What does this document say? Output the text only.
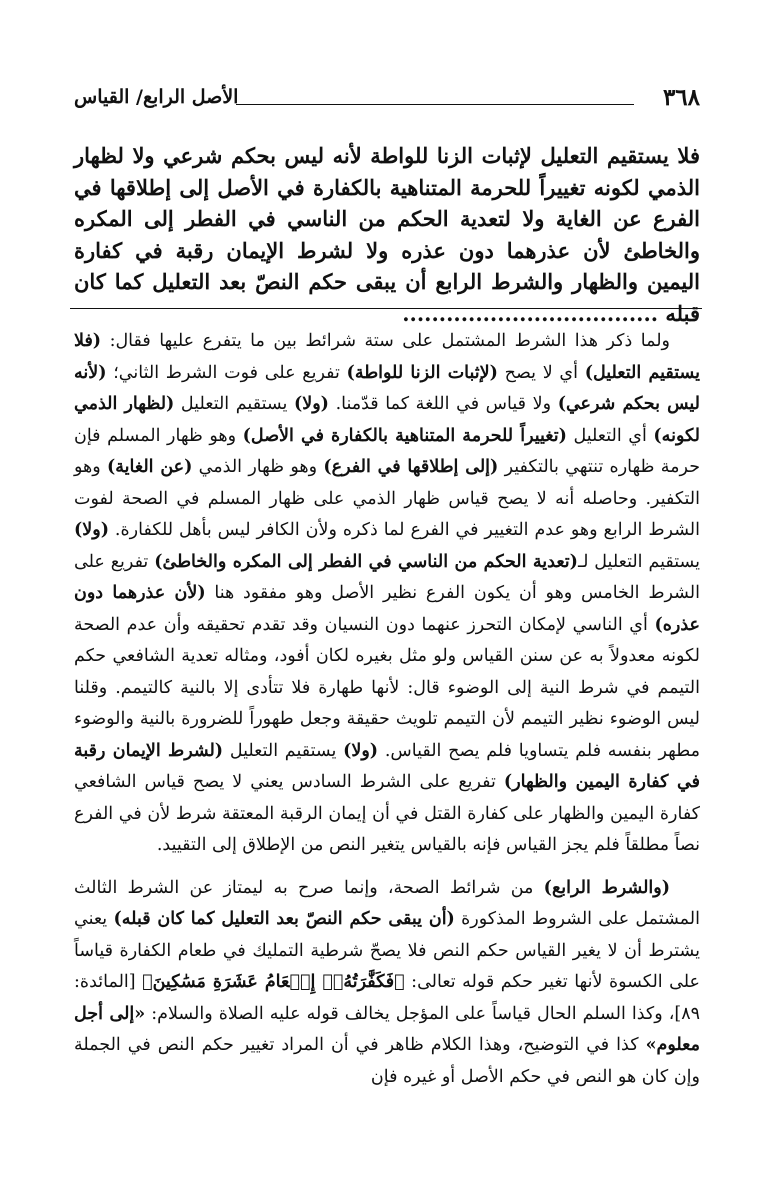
٣٦٨
الأصل الرابع/ القياس
فلا يستقيم التعليل لإثبات الزنا للواطة لأنه ليس بحكم شرعي ولا لظهار الذمي لكونه تغييراً للحرمة المتناهية بالكفارة في الأصل إلى إطلاقها في الفرع عن الغاية ولا لتعدية الحكم من الناسي في الفطر إلى المكره والخاطئ لأن عذرهما دون عذره ولا لشرط الإيمان رقبة في كفارة اليمين والظهار والشرط الرابع أن يبقى حكم النصّ بعد التعليل كما كان قبله ...................................

ولما ذكر هذا الشرط المشتمل على ستة شرائط بين ما يتفرع عليها فقال: (فلا يستقيم التعليل) أي لا يصح (لإثبات الزنا للواطة) تفريع على فوت الشرط الثاني؛ (لأنه ليس بحكم شرعي) ولا قياس في اللغة كما قدّمنا. (ولا) يستقيم التعليل (لظهار الذمي لكونه) أي التعليل (تغييراً للحرمة المتناهية بالكفارة في الأصل) وهو ظهار المسلم فإن حرمة ظهاره تنتهي بالتكفير (إلى إطلاقها في الفرع) وهو ظهار الذمي (عن الغاية) وهو التكفير. وحاصله أنه لا يصح قياس ظهار الذمي على ظهار المسلم في الصحة لفوت الشرط الرابع وهو عدم التغيير في الفرع لما ذكره ولأن الكافر ليس بأهل للكفارة. (ولا) يستقيم التعليل لـ(تعدية الحكم من الناسي في الفطر إلى المكره والخاطئ) تفريع على الشرط الخامس وهو أن يكون الفرع نظير الأصل وهو مفقود هنا (لأن عذرهما دون عذره) أي الناسي لإمكان التحرز عنهما دون النسيان وقد تقدم تحقيقه وأن عدم الصحة لكونه معدولاً به عن سنن القياس ولو مثل بغيره لكان أفود، ومثاله تعدية الشافعي حكم التيمم في شرط النية إلى الوضوء قال: لأنها طهارة فلا تتأدى إلا بالنية كالتيمم. وقلنا ليس الوضوء نظير التيمم لأن التيمم تلويث حقيقة وجعل طهوراً للضرورة بالنية والوضوء مطهر بنفسه فلم يتساويا فلم يصح القياس. (ولا) يستقيم التعليل (لشرط الإيمان رقبة في كفارة اليمين والظهار) تفريع على الشرط السادس يعني لا يصح قياس الشافعي كفارة اليمين والظهار على كفارة القتل في أن إيمان الرقبة المعتقة شرط لأن في الفرع نصاً مطلقاً فلم يجز القياس فإنه بالقياس يتغير النص من الإطلاق إلى التقييد.

(والشرط الرابع) من شرائط الصحة، وإنما صرح به ليمتاز عن الشرط الثالث المشتمل على الشروط المذكورة (أن يبقى حكم النصّ بعد التعليل كما كان قبله) يعني يشترط أن لا يغير القياس حكم النص فلا يصحّ شرطية التمليك في طعام الكفارة قياساً على الكسوة لأنها تغير حكم قوله تعالى: ﴿فَكَفَّٰرَتُهُۥٓ إِطۡعَامُ عَشَرَةِ مَسَٰكِينَ﴾ [المائدة: ٨٩]، وكذا السلم الحال قياساً على المؤجل يخالف قوله عليه الصلاة والسلام: «إلى أجل معلوم» كذا في التوضيح، وهذا الكلام ظاهر في أن المراد تغيير حكم النص في الجملة وإن كان هو النص في حكم الأصل أو غيره فإن
